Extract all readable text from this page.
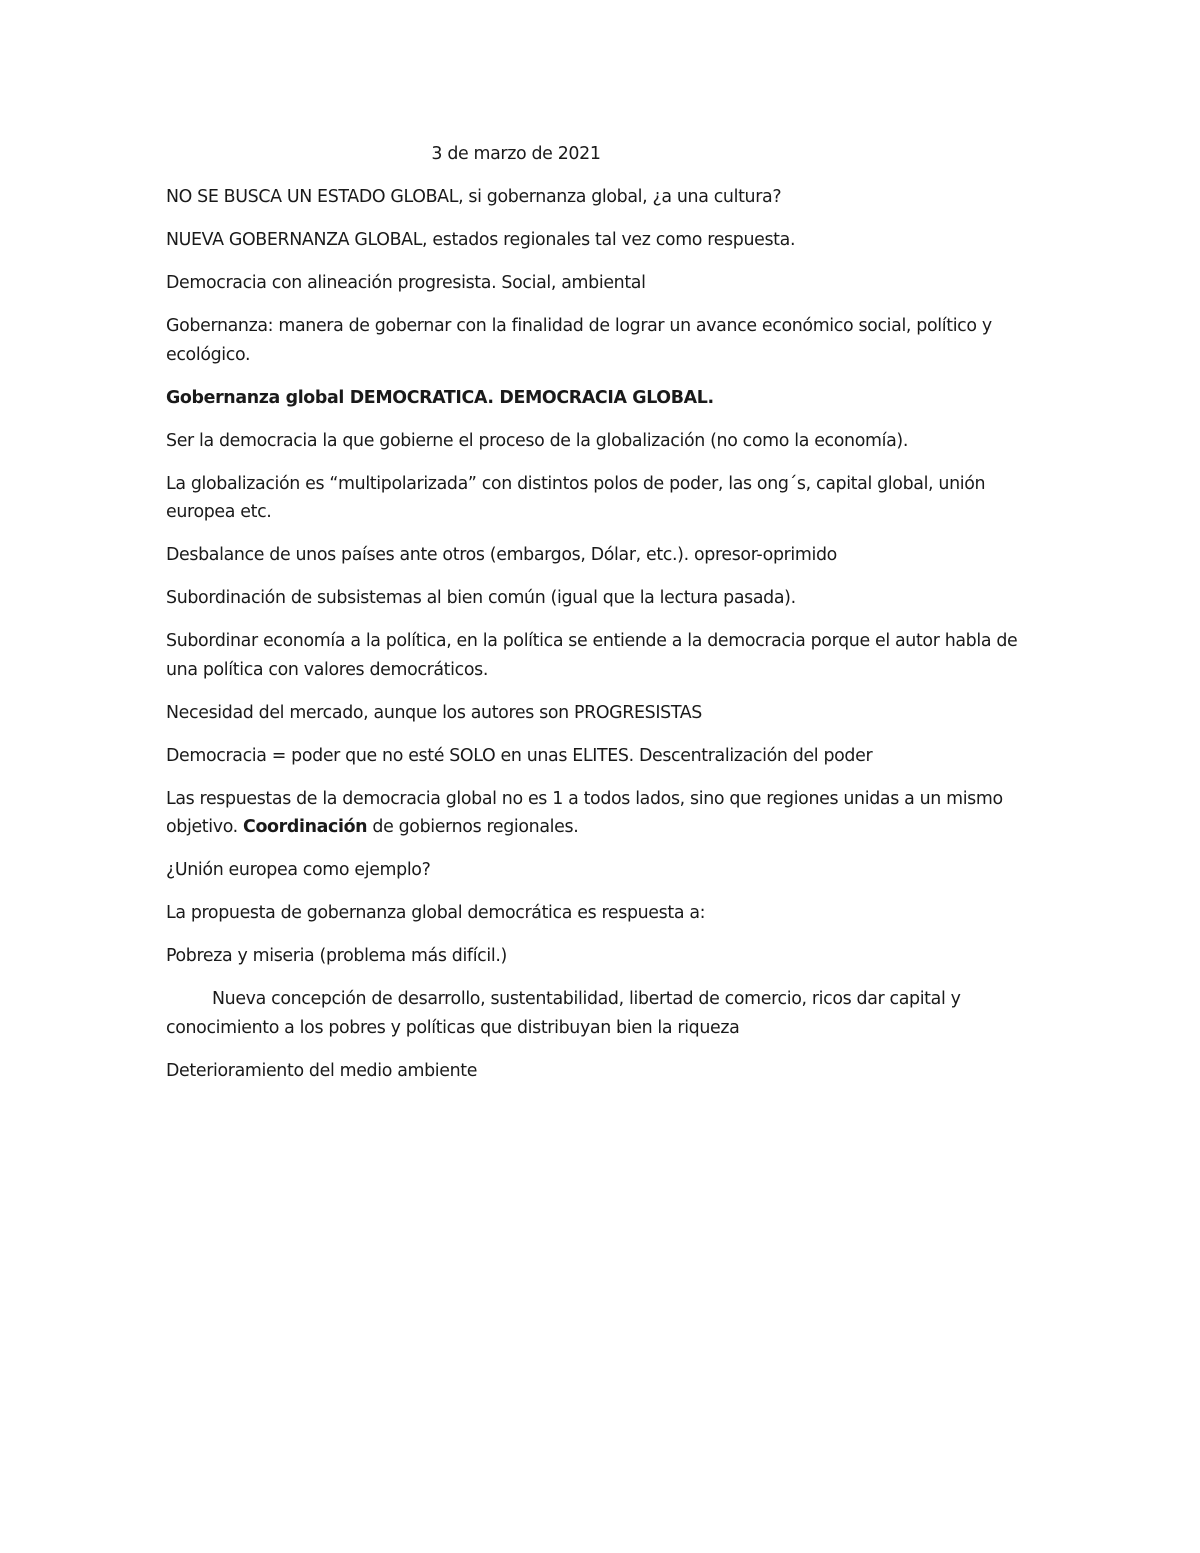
3 de marzo de 2021

NO SE BUSCA UN ESTADO GLOBAL, si gobernanza global, ¿a una cultura?

NUEVA GOBERNANZA GLOBAL, estados regionales tal vez como respuesta.

Democracia con alineación progresista. Social, ambiental

Gobernanza: manera de gobernar con la finalidad de lograr un avance económico social, político y ecológico.

Gobernanza global DEMOCRATICA. DEMOCRACIA GLOBAL.

Ser la democracia la que gobierne el proceso de la globalización (no como la economía).

La globalización es “multipolarizada” con distintos polos de poder, las ong´s, capital global, unión europea etc.

Desbalance de unos países ante otros (embargos, Dólar, etc.). opresor-oprimido

Subordinación de subsistemas al bien común (igual que la lectura pasada).

Subordinar economía a la política, en la política se entiende a la democracia porque el autor habla de una política con valores democráticos.

Necesidad del mercado, aunque los autores son PROGRESISTAS

Democracia = poder que no esté SOLO en unas ELITES. Descentralización del poder

Las respuestas de la democracia global no es 1 a todos lados, sino que regiones unidas a un mismo objetivo. Coordinación de gobiernos regionales.

¿Unión europea como ejemplo?

La propuesta de gobernanza global democrática es respuesta a:

Pobreza y miseria (problema más difícil.)

Nueva concepción de desarrollo, sustentabilidad, libertad de comercio, ricos dar capital y conocimiento a los pobres y políticas que distribuyan bien la riqueza

Deterioramiento del medio ambiente
